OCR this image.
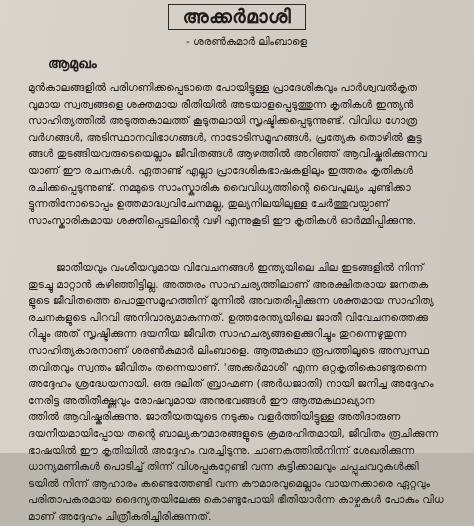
അക്കർമാശി
- ശരൺകുമാർ ലിംബാളെ
ആമുഖം
മുൻകാലങ്ങളിൽ പരിഗണിക്കപ്പെടാതെ പോയിട്ടുള്ള പ്രാദേശികവും പാർശ്വവൽകൃത
വുമായ സ്വത്വങ്ങളെ ശക്തമായ രീതിയിൽ അടയാളപ്പെടുത്തുന്ന കൃതികൾ ഇന്ത്യൻ
സാഹിത്യത്തിൽ അടുത്തകാലത്ത് കൂടുതലായി സൃഷ്ടിക്കപ്പെടുന്നുണ്ട്. വിവിധ ഗോത്ര
വർഗങ്ങൾ, അടിസ്ഥാനവിഭാഗങ്ങൾ, നാടോടിസമൂഹങ്ങൾ, പ്രത്യേക തൊഴിൽ കൂട്ട
ങ്ങൾ തുടങ്ങിയവരുടെയെല്ലാം ജീവിതങ്ങൾ ആഴത്തിൽ അറിഞ്ഞ് ആവിഷ്കരിക്കുന്നവ
യാണ് ഈ രചനകൾ. ഏതാണ്ട് എല്ലാ പ്രാദേശികഭാഷകളിലും ഇത്തരം കൃതികൾ
രചിക്കപ്പെടുന്നുണ്ട്. നമ്മുടെ സാംസ്കാരിക വൈവിധ്യത്തിന്റെ വൈപുല്യം ചൂണ്ടിക്കാ
ട്ടുന്നതിനോടൊപ്പം ഉത്തമാദ്ധ്വവിചേനമല്ല, തുല്യനിലയിലുള്ള ചേർത്തുവയ്പാണ്
സാംസ്കാരികമായ ശക്തിപ്പെടലിന്റെ വഴി എന്നുകൂടി ഈ കൃതികൾ ഓർമ്മിപ്പിക്കുന്നു.
ജാതീയവും വംശീയവുമായ വിവേചനങ്ങൾ ഇന്ത്യയിലെ ചില ഇടങ്ങളിൽ നിന്ന്
തുടച്ചു മാറ്റാൻ കഴിഞ്ഞിട്ടില്ല. അത്തരം സാഹചര്യത്തിലാണ് അരക്ഷിതരായ ജനതക
ളുടെ ജീവിതത്തെ പൊതുസമൂഹത്തിന് മുന്നിൽ അവതരിപ്പിക്കുന്ന ശക്തമായ സാഹിത്യ
രചനകളുടെ പിറവി അനിവാര്യമാകുന്നത്. ഉത്തരേന്ത്യയിലെ ജാതീ വിവേചനത്തെക്കു
റിച്ചും അത് സൃഷ്ടിക്കുന്ന ദയനീയ ജീവിത സാഹചര്യങ്ങളെക്കുറിച്ചും തുറന്നെഴുതുന്ന
സാഹിത്യകാരനാണ് ശരൺകുമാർ ലിംബാളെ. ആത്മകഥാ രൂപത്തിലൂടെ അസ്വസ്ഥ
തവിതവും സ്വന്തം ജീവിതം തന്നെയാണ്. 'അക്കർമാശി' എന്ന ഒറ്റകൃതികൊണ്ടുതന്നെ
അദ്ദേഹം ശ്രദ്ധേയനായി. ഒരു ദലിത് ബ്രാഹ്മണ (അർധജാതി) നായി ജനിച്ച അദ്ദേഹം
നേരിട്ട അതിതീക്ഷ്ണവും രോഷവുമായ അനുഭവങ്ങൾ ഈ ആത്മകഥാഖ്യാന
ത്തിൽ ആവിഷ്കരിക്കുന്നു. ജാതീയതയുടെ നടുക്കം വളർത്തിയിട്ടുള്ള അതിദാരുണ
ദയനീയമായിപ്പോയ തന്റെ ബാല്യകൗമാരങ്ങളുടെ ക്രമരഹിതമായി, ജീവിതം രൂചിക്കുന്ന
ഭാഷയിൽ ഈ കൃതിയിൽ അദ്ദേഹം വരച്ചിടുന്നു. ചാണകത്തിൽനിന്ന് ശേഖരിക്കുന്ന
ധാന്യമണികൾ പൊടിച്ച് തിന്ന് വിശപ്പകറ്റേണ്ടി വന്ന കുട്ടിക്കാലവും ചപ്പുചവറുകൾക്കി
ടയിൽ നിന്ന് ആഹാരം കണ്ടെത്തേണ്ടി വന്ന കൗമാരവുമെല്ലാം വായനക്കാരെ ഏറ്റവും
പരിതാപകരമായ ദൈന്യതയിലേക്കു കൊണ്ടുപോയി ഭീതിയാർന്ന കാഴ്ചകൾ പോകും വിധ
മാണ് അദ്ദേഹം ചിത്രീകരിച്ചിരിക്കുന്നത്.
